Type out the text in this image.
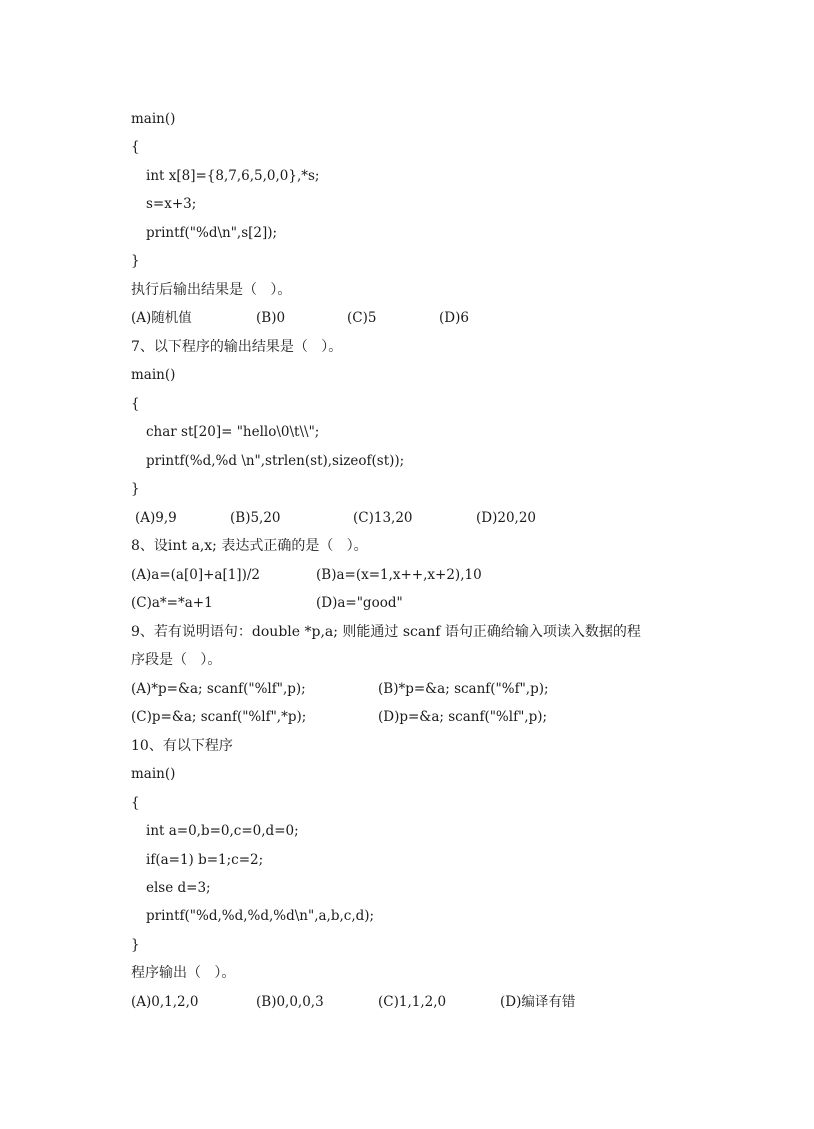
main()
{
int x[8]={8,7,6,5,0,0},*s;
s=x+3;
printf("%d\n",s[2]);
}
执行后输出结果是（   ）。
(A)随机值	(B)0	(C)5	(D)6
7、以下程序的输出结果是（   ）。
main()
{
char st[20]= "hello\0\t\\";
printf(%d,%d \n",strlen(st),sizeof(st));
}
(A)9,9	(B)5,20	(C)13,20	(D)20,20
8、设int a,x; 表达式正确的是（   ）。
(A)a=(a[0]+a[1])/2	(B)a=(x=1,x++,x+2),10
(C)a*=*a+1	(D)a="good"
9、若有说明语句：double *p,a; 则能通过 scanf 语句正确给输入项读入数据的程
序段是（   ）。
(A)*p=&a; scanf("%lf",p);	(B)*p=&a; scanf("%f",p);
(C)p=&a; scanf("%lf",*p);	(D)p=&a; scanf("%lf",p);
10、有以下程序
main()
{
int a=0,b=0,c=0,d=0;
if(a=1) b=1;c=2;
else d=3;
printf("%d,%d,%d,%d\n",a,b,c,d);
}
程序输出（   ）。
(A)0,1,2,0	(B)0,0,0,3	(C)1,1,2,0	(D)编译有错
